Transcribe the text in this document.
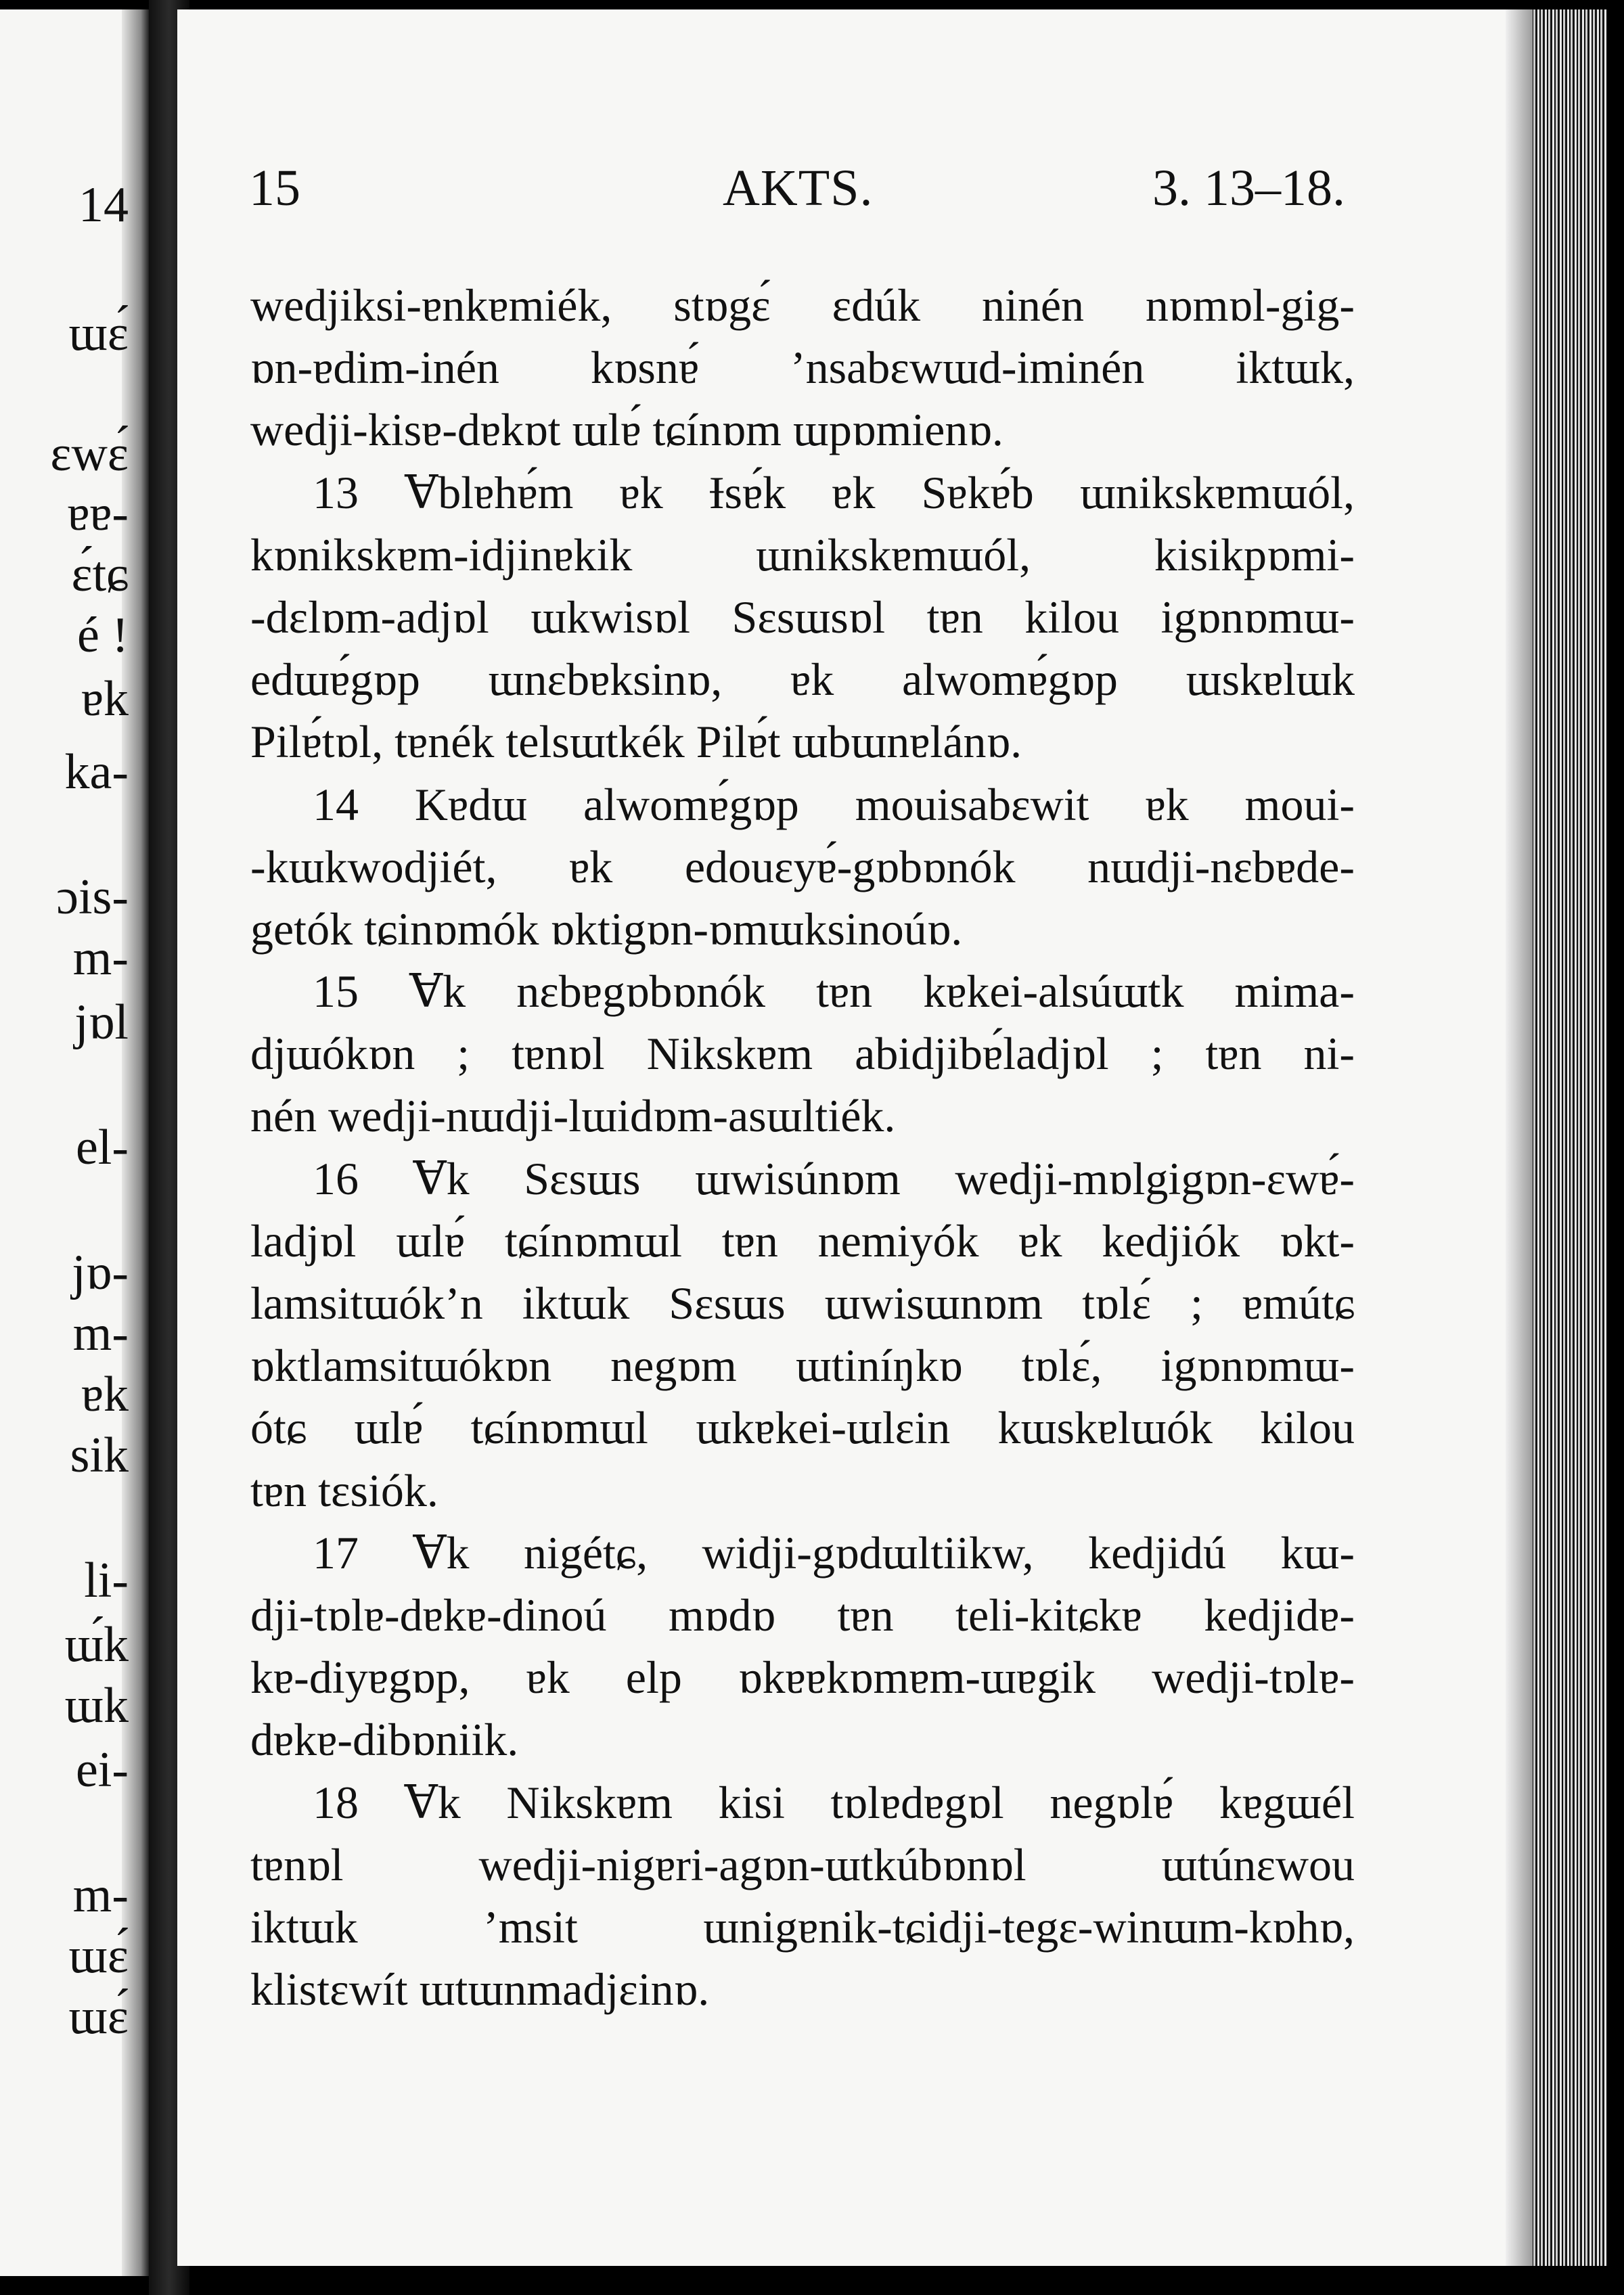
14
ɯɛ́
ɛwɛ́
ɐɐ-
ɛ́tɕ
é !
ɐk
ka-
ɔis-
m-
jɒl
el-
jɒ-
m-
ɐk
sik
li-
ɯ́k
ɯk
ei-
m-
ɯɛ́
ɯɛ́
15	AKTS.	3. 13–18.
wedjiksi-ɐnkɐmiék, stɒgɛ́ ɛdúk ninén nɒmɒl-gig-
ɒn-ɐdim-inén kɒsnɐ́ ’nsabɛwɯd-iminén iktɯk,
wedji-kisɐ-dɐkɒt ɯlɐ́ tɕínɒm ɯpɒmienɒ.
13 Ɐblɐhɐ́m ɐk Ɨsɐ́k ɐk Sɐkɐ́b ɯnikskɐmɯól,
kɒnikskɐm-idjinɐkik ɯnikskɐmɯól, kisikpɒmi-
-dɛlɒm-adjɒl ɯkwisɒl Sɛsɯsɒl tɐn kilou igɒnɒmɯ-
edɯɐ́gɒp ɯnɛbɐksinɒ, ɐk alwomɐ́gɒp ɯskɐlɯk
Pilɐ́tɒl, tɐnék telsɯtkék Pilɐ́t ɯbɯnɐlánɒ.
14 Kɐdɯ alwomɐ́gɒp mouisabɛwit ɐk moui-
-kɯkwodjiét, ɐk edouɛyɐ́-gɒbɒnók nɯdji-nɛbɐde-
getók tɕinɒmók ɒktigɒn-ɒmɯksinoúɒ.
15 Ɐk nɛbɐgɒbɒnók tɐn kɐkei-alsúɯtk mima-
djɯókɒn ; tɐnɒl Nikskɐm abidjibɐ́ladjɒl ; tɐn ni-
nén wedji-nɯdji-lɯidɒm-asɯltiék.
16 Ɐk Sɛsɯs ɯwisúnɒm wedji-mɒlgigɒn-ɛwɐ́-
ladjɒl ɯlɐ́ tɕínɒmɯl tɐn nemiyók ɐk kedjiók ɒkt-
lamsitɯók’n iktɯk Sɛsɯs ɯwisɯnɒm tɒlɛ́ ; ɐmútɕ
ɒktlamsitɯókɒn negɒm ɯtiníŋkɒ tɒlɛ́, igɒnɒmɯ-
ótɕ ɯlɐ́ tɕínɒmɯl ɯkɐkei-ɯlɛin kɯskɐlɯók kilou
tɐn tɛsiók.
17 Ɐk nigétɕ, widji-gɒdɯltiikw, kedjidú kɯ-
dji-tɒlɐ-dɐkɐ-dinoú mɒdɒ tɐn teli-kitɕkɐ kedjidɐ-
kɐ-diyɐgɒp, ɐk elp ɒkɐɐkɒmɐm-ɯɐgik wedji-tɒlɐ-
dɐkɐ-dibɒniik.
18 Ɐk Nikskɐm kisi tɒlɐdɐgɒl negɒlɐ́ kɐgɯél
tɐnɒl wedji-nigɐri-agɒn-ɯtkúbɒnɒl ɯtúnɛwou
iktɯk ’msit ɯnigɐnik-tɕidji-tegɛ-winɯm-kɒhɒ,
klistɛwít ɯtɯnmadjɛinɒ.
